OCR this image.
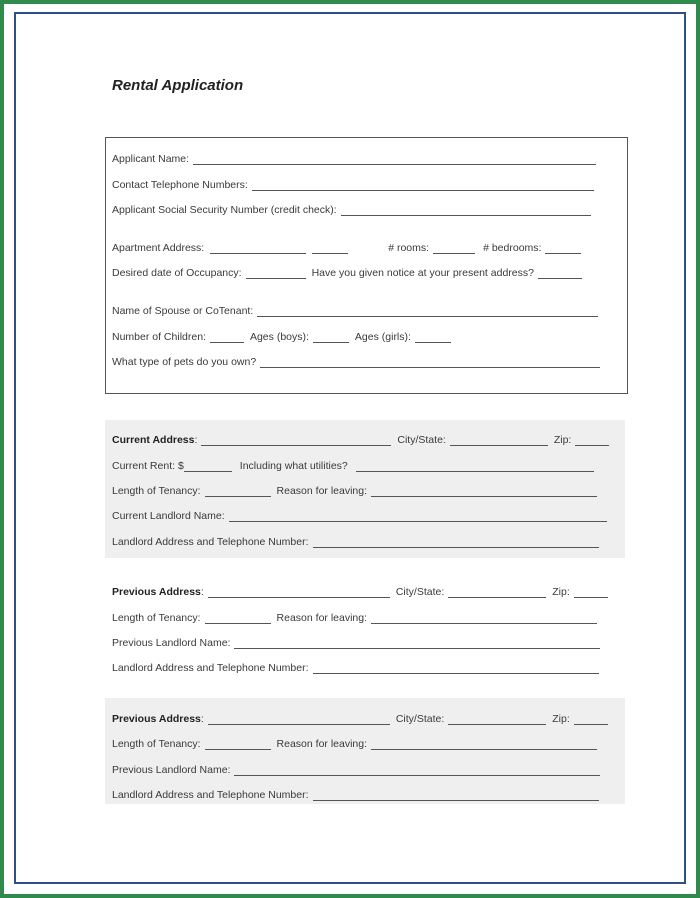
Rental Application
Applicant Name:
Contact Telephone Numbers:
Applicant Social Security Number (credit check):
Apartment Address:	# rooms:	# bedrooms:
Desired date of Occupancy:	Have you given notice at your present address?
Name of Spouse or CoTenant:
Number of Children:	Ages (boys):	Ages (girls):
What type of pets do you own?
Current Address :	City/State:	Zip:
Current Rent: $	Including what utilities?
Length of Tenancy:	Reason for leaving:
Current Landlord Name:
Landlord Address and Telephone Number:
Previous Address :	City/State:	Zip:
Length of Tenancy:	Reason for leaving:
Previous Landlord Name:
Landlord Address and Telephone Number:
Previous Address :	City/State:	Zip:
Length of Tenancy:	Reason for leaving:
Previous Landlord Name:
Landlord Address and Telephone Number:
